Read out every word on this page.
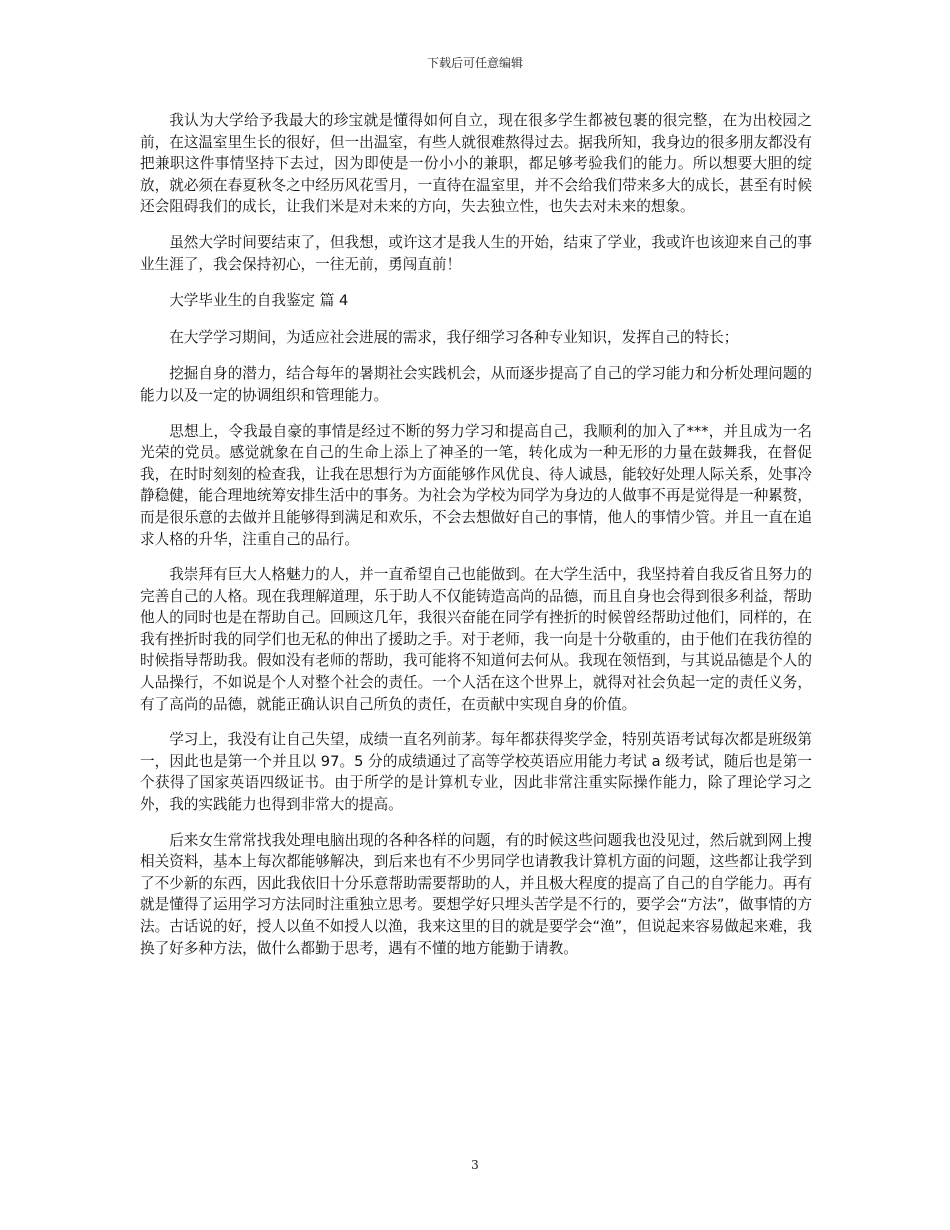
下载后可任意编辑

我认为大学给予我最大的珍宝就是懂得如何自立，现在很多学生都被包裹的很完整，在为出校园之前，在这温室里生长的很好，但一出温室，有些人就很难熬得过去。据我所知，我身边的很多朋友都没有把兼职这件事情坚持下去过，因为即使是一份小小的兼职，都足够考验我们的能力。所以想要大胆的绽放，就必须在春夏秋冬之中经历风花雪月，一直待在温室里，并不会给我们带来多大的成长，甚至有时候还会阻碍我们的成长，让我们米是对未来的方向，失去独立性，也失去对未来的想象。

虽然大学时间要结束了，但我想，或许这才是我人生的开始，结束了学业，我或许也该迎来自己的事业生涯了，我会保持初心，一往无前，勇闯直前！

大学毕业生的自我鉴定 篇 4

在大学学习期间，为适应社会进展的需求，我仔细学习各种专业知识，发挥自己的特长；

挖掘自身的潜力，结合每年的暑期社会实践机会，从而逐步提高了自己的学习能力和分析处理问题的能力以及一定的协调组织和管理能力。

思想上，令我最自豪的事情是经过不断的努力学习和提高自己，我顺利的加入了***，并且成为一名光荣的党员。感觉就象在自己的生命上添上了神圣的一笔，转化成为一种无形的力量在鼓舞我，在督促我，在时时刻刻的检查我，让我在思想行为方面能够作风优良、待人诚恳，能较好处理人际关系，处事冷静稳健，能合理地统筹安排生活中的事务。为社会为学校为同学为身边的人做事不再是觉得是一种累赘，而是很乐意的去做并且能够得到满足和欢乐，不会去想做好自己的事情，他人的事情少管。并且一直在追求人格的升华，注重自己的品行。

我崇拜有巨大人格魅力的人，并一直希望自己也能做到。在大学生活中，我坚持着自我反省且努力的完善自己的人格。现在我理解道理，乐于助人不仅能铸造高尚的品德，而且自身也会得到很多利益，帮助他人的同时也是在帮助自己。回顾这几年，我很兴奋能在同学有挫折的时候曾经帮助过他们，同样的，在我有挫折时我的同学们也无私的伸出了援助之手。对于老师，我一向是十分敬重的，由于他们在我彷徨的时候指导帮助我。假如没有老师的帮助，我可能将不知道何去何从。我现在领悟到，与其说品德是个人的人品操行，不如说是个人对整个社会的责任。一个人活在这个世界上，就得对社会负起一定的责任义务，有了高尚的品德，就能正确认识自己所负的责任，在贡献中实现自身的价值。

学习上，我没有让自己失望，成绩一直名列前茅。每年都获得奖学金，特别英语考试每次都是班级第一，因此也是第一个并且以 97。5 分的成绩通过了高等学校英语应用能力考试 a 级考试，随后也是第一个获得了国家英语四级证书。由于所学的是计算机专业，因此非常注重实际操作能力，除了理论学习之外，我的实践能力也得到非常大的提高。

后来女生常常找我处理电脑出现的各种各样的问题，有的时候这些问题我也没见过，然后就到网上搜相关资料，基本上每次都能够解决，到后来也有不少男同学也请教我计算机方面的问题，这些都让我学到了不少新的东西，因此我依旧十分乐意帮助需要帮助的人，并且极大程度的提高了自己的自学能力。再有就是懂得了运用学习方法同时注重独立思考。要想学好只埋头苦学是不行的，要学会“方法”，做事情的方法。古话说的好，授人以鱼不如授人以渔，我来这里的目的就是要学会“渔”，但说起来容易做起来难，我换了好多种方法，做什么都勤于思考，遇有不懂的地方能勤于请教。

3
